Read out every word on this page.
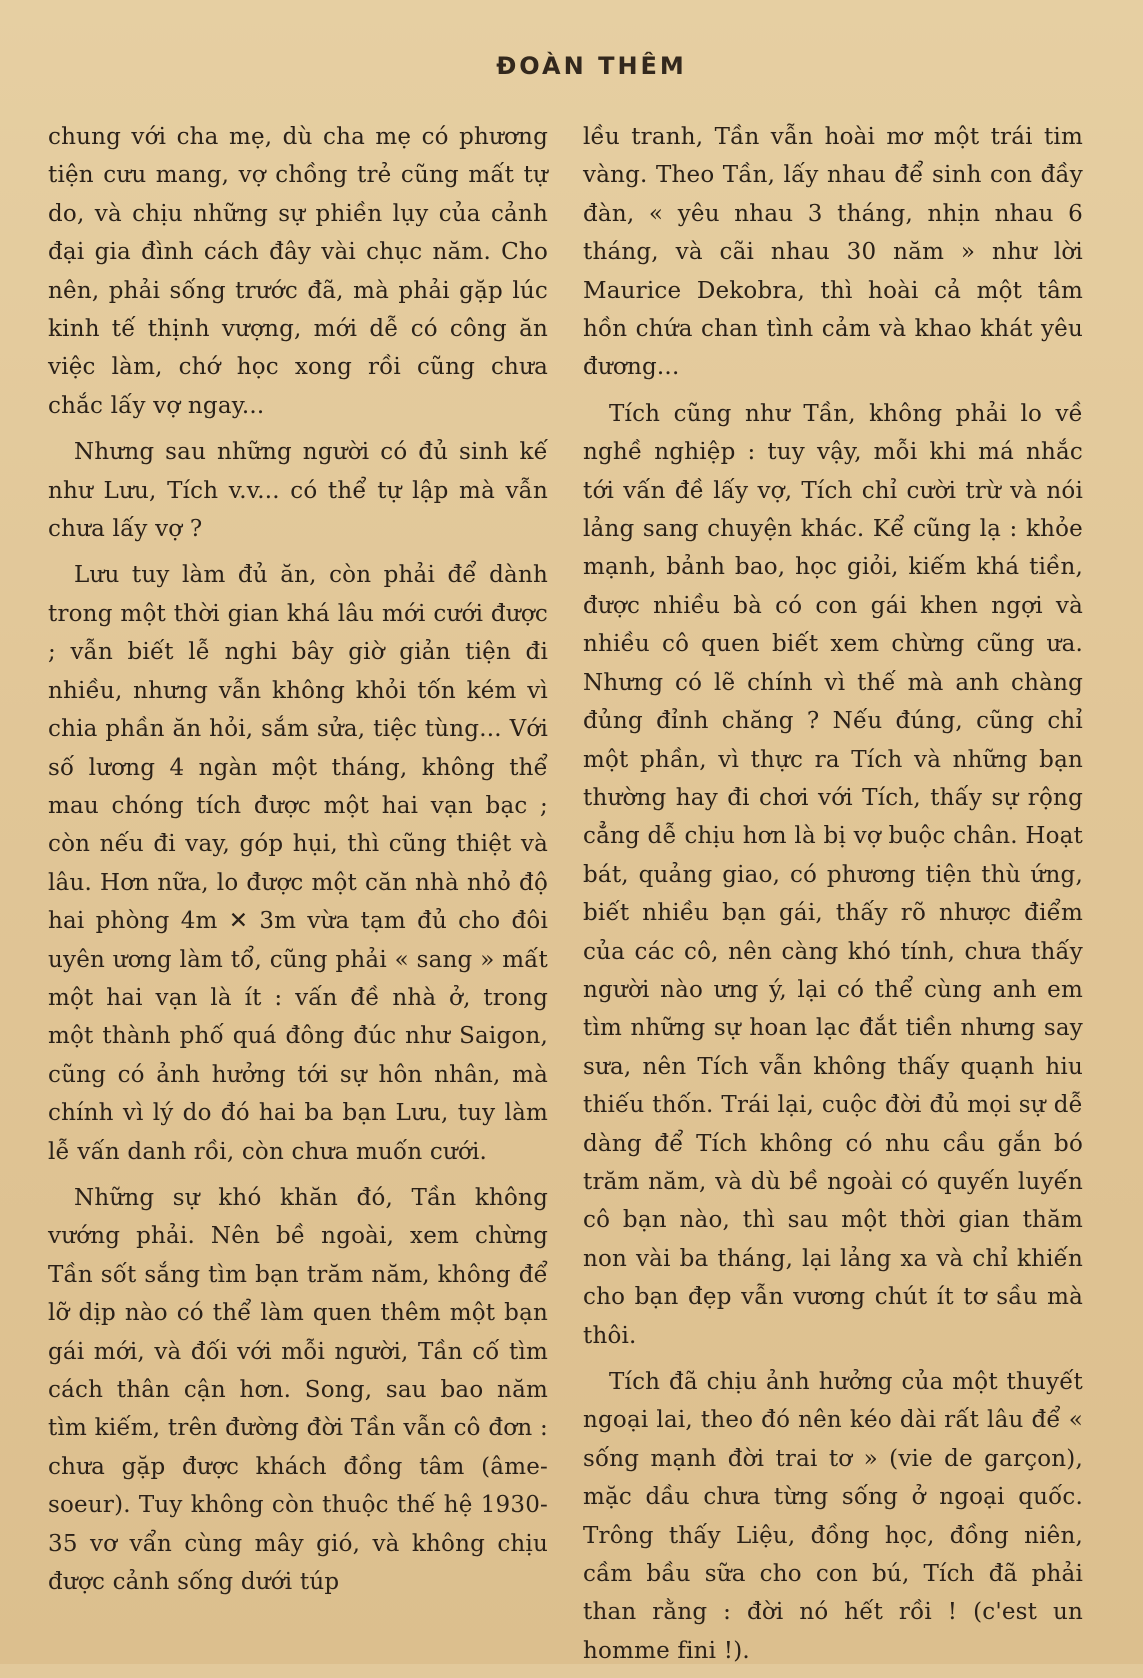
ĐOÀN THÊM

chung với cha mẹ, dù cha mẹ có phương tiện cưu mang, vợ chồng trẻ cũng mất tự do, và chịu những sự phiền lụy của cảnh đại gia đình cách đây vài chục năm. Cho nên, phải sống trước đã, mà phải gặp lúc kinh tế thịnh vượng, mới dễ có công ăn việc làm, chớ học xong rồi cũng chưa chắc lấy vợ ngay...

Nhưng sau những người có đủ sinh kế như Lưu, Tích v.v... có thể tự lập mà vẫn chưa lấy vợ ?

Lưu tuy làm đủ ăn, còn phải để dành trong một thời gian khá lâu mới cưới được ; vẫn biết lễ nghi bây giờ giản tiện đi nhiều, nhưng vẫn không khỏi tốn kém vì chia phần ăn hỏi, sắm sửa, tiệc tùng... Với số lương 4 ngàn một tháng, không thể mau chóng tích được một hai vạn bạc ; còn nếu đi vay, góp hụi, thì cũng thiệt và lâu. Hơn nữa, lo được một căn nhà nhỏ độ hai phòng 4m ✕ 3m vừa tạm đủ cho đôi uyên ương làm tổ, cũng phải « sang » mất một hai vạn là ít : vấn đề nhà ở, trong một thành phố quá đông đúc như Saigon, cũng có ảnh hưởng tới sự hôn nhân, mà chính vì lý do đó hai ba bạn Lưu, tuy làm lễ vấn danh rồi, còn chưa muốn cưới.

Những sự khó khăn đó, Tần không vướng phải. Nên bề ngoài, xem chừng Tần sốt sắng tìm bạn trăm năm, không để lỡ dịp nào có thể làm quen thêm một bạn gái mới, và đối với mỗi người, Tần cố tìm cách thân cận hơn. Song, sau bao năm tìm kiếm, trên đường đời Tần vẫn cô đơn : chưa gặp được khách đồng tâm (âme-soeur). Tuy không còn thuộc thế hệ 1930-35 vơ vẩn cùng mây gió, và không chịu được cảnh sống dưới túp

lều tranh, Tần vẫn hoài mơ một trái tim vàng. Theo Tần, lấy nhau để sinh con đầy đàn, « yêu nhau 3 tháng, nhịn nhau 6 tháng, và cãi nhau 30 năm » như lời Maurice Dekobra, thì hoài cả một tâm hồn chứa chan tình cảm và khao khát yêu đương...

Tích cũng như Tần, không phải lo về nghề nghiệp : tuy vậy, mỗi khi má nhắc tới vấn đề lấy vợ, Tích chỉ cười trừ và nói lảng sang chuyện khác. Kể cũng lạ : khỏe mạnh, bảnh bao, học giỏi, kiếm khá tiền, được nhiều bà có con gái khen ngợi và nhiều cô quen biết xem chừng cũng ưa. Nhưng có lẽ chính vì thế mà anh chàng đủng đỉnh chăng ? Nếu đúng, cũng chỉ một phần, vì thực ra Tích và những bạn thường hay đi chơi với Tích, thấy sự rộng cẳng dễ chịu hơn là bị vợ buộc chân. Hoạt bát, quảng giao, có phương tiện thù ứng, biết nhiều bạn gái, thấy rõ nhược điểm của các cô, nên càng khó tính, chưa thấy người nào ưng ý, lại có thể cùng anh em tìm những sự hoan lạc đắt tiền nhưng say sưa, nên Tích vẫn không thấy quạnh hiu thiếu thốn. Trái lại, cuộc đời đủ mọi sự dễ dàng để Tích không có nhu cầu gắn bó trăm năm, và dù bề ngoài có quyến luyến cô bạn nào, thì sau một thời gian thăm non vài ba tháng, lại lảng xa và chỉ khiến cho bạn đẹp vẫn vương chút ít tơ sầu mà thôi.

Tích đã chịu ảnh hưởng của một thuyết ngoại lai, theo đó nên kéo dài rất lâu để « sống mạnh đời trai tơ » (vie de garçon), mặc dầu chưa từng sống ở ngoại quốc. Trông thấy Liệu, đồng học, đồng niên, cầm bầu sữa cho con bú, Tích đã phải than rằng : đời nó hết rồi ! (c'est un homme fini !).
